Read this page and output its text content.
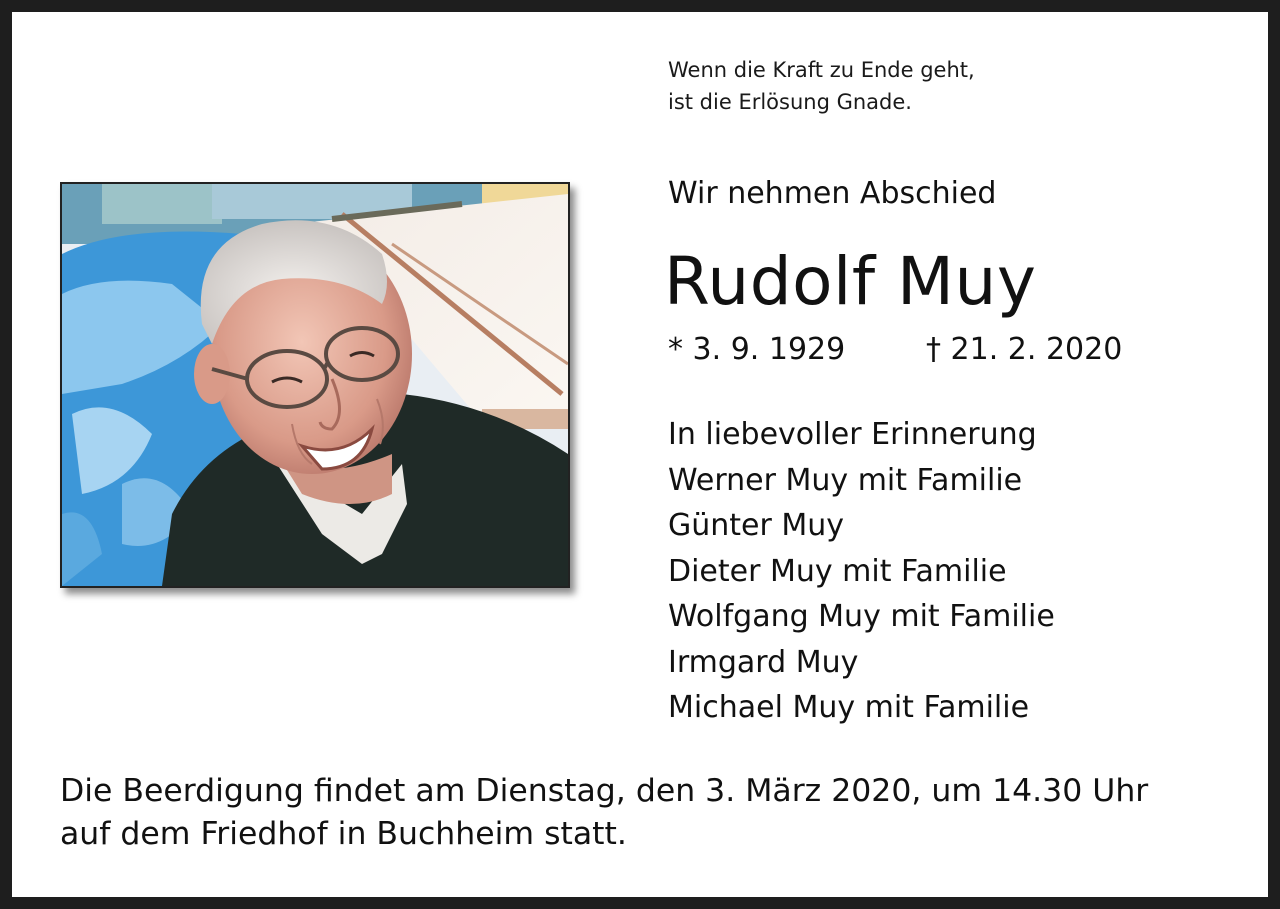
Wenn die Kraft zu Ende geht,
ist die Erlösung Gnade.
Wir nehmen Abschied
Rudolf Muy
* 3. 9. 1929	† 21. 2. 2020
In liebevoller Erinnerung
Werner Muy mit Familie
Günter Muy
Dieter Muy mit Familie
Wolfgang Muy mit Familie
Irmgard Muy
Michael Muy mit Familie
Die Beerdigung findet am Dienstag, den 3. März 2020, um 14.30 Uhr
auf dem Friedhof in Buchheim statt.
